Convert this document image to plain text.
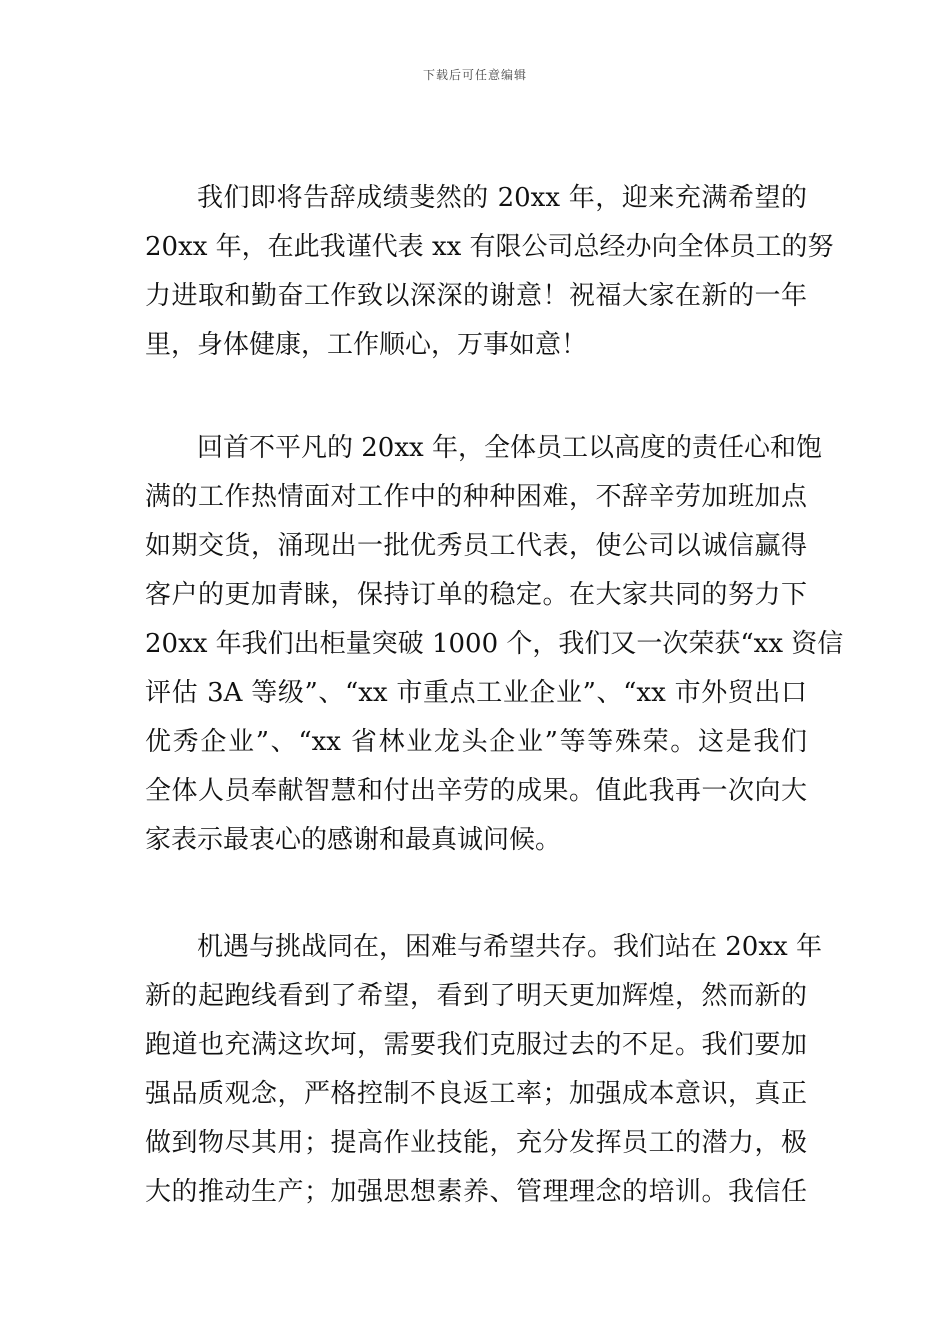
下载后可任意编辑
我们即将告辞成绩斐然的 20xx 年，迎来充满希望的
20xx 年，在此我谨代表 xx 有限公司总经办向全体员工的努
力进取和勤奋工作致以深深的谢意！祝福大家在新的一年
里，身体健康，工作顺心，万事如意！
回首不平凡的 20xx 年，全体员工以高度的责任心和饱
满的工作热情面对工作中的种种困难，不辞辛劳加班加点
如期交货，涌现出一批优秀员工代表，使公司以诚信赢得
客户的更加青睐，保持订单的稳定。在大家共同的努力下
20xx 年我们出柜量突破 1000 个，我们又一次荣获“xx 资信
评估 3A 等级”、“xx 市重点工业企业”、“xx 市外贸出口
优秀企业”、“xx 省林业龙头企业”等等殊荣。这是我们
全体人员奉献智慧和付出辛劳的成果。值此我再一次向大
家表示最衷心的感谢和最真诚问候。
机遇与挑战同在，困难与希望共存。我们站在 20xx 年
新的起跑线看到了希望，看到了明天更加辉煌，然而新的
跑道也充满这坎坷，需要我们克服过去的不足。我们要加
强品质观念，严格控制不良返工率；加强成本意识，真正
做到物尽其用；提高作业技能，充分发挥员工的潜力，极
大的推动生产；加强思想素养、管理理念的培训。我信任
